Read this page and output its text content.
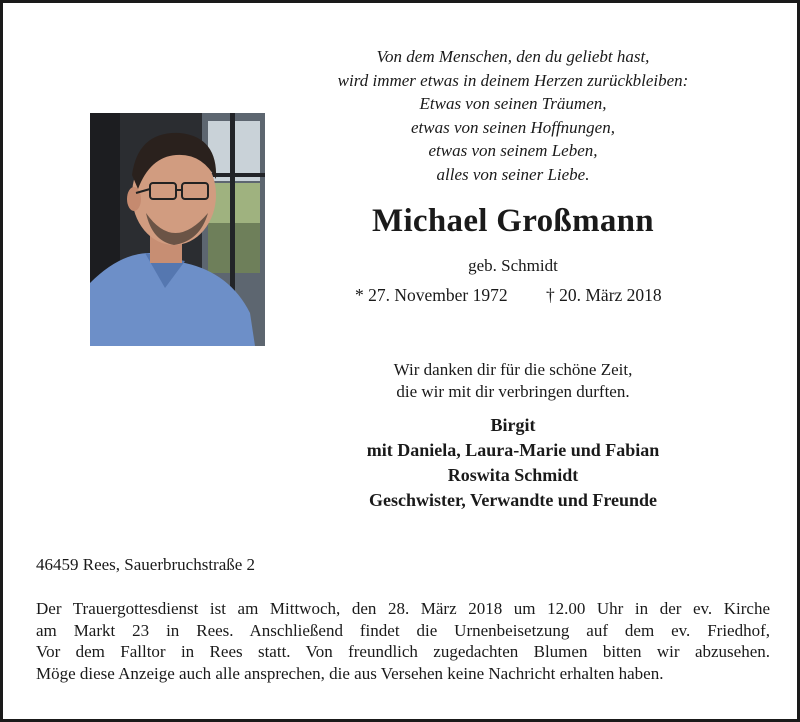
Von dem Menschen, den du geliebt hast,
wird immer etwas in deinem Herzen zurückbleiben:
Etwas von seinen Träumen,
etwas von seinen Hoffnungen,
etwas von seinem Leben,
alles von seiner Liebe.
Michael Großmann
geb. Schmidt
* 27. November 1972 † 20. März 2018
Wir danken dir für die schöne Zeit,
die wir mit dir verbringen durften.
Birgit
mit Daniela, Laura-Marie und Fabian
Roswita Schmidt
Geschwister, Verwandte und Freunde
46459 Rees, Sauerbruchstraße 2
Der Trauergottesdienst ist am Mittwoch, den 28. März 2018 um 12.00 Uhr in der ev. Kirche
am Markt 23 in Rees. Anschließend findet die Urnenbeisetzung auf dem ev. Friedhof,
Vor dem Falltor in Rees statt. Von freundlich zugedachten Blumen bitten wir abzusehen.
Möge diese Anzeige auch alle ansprechen, die aus Versehen keine Nachricht erhalten haben.
